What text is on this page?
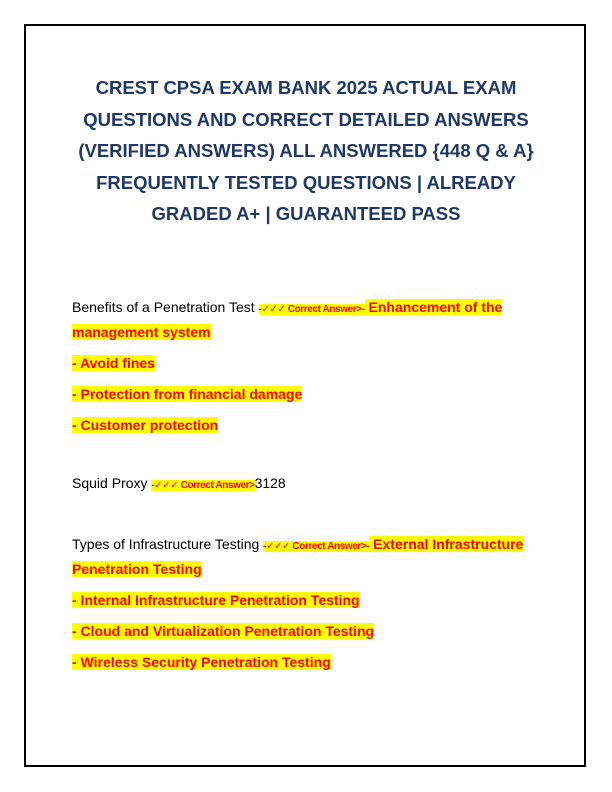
CREST CPSA EXAM BANK 2025 ACTUAL EXAM
QUESTIONS AND CORRECT DETAILED ANSWERS
(VERIFIED ANSWERS) ALL ANSWERED {448 Q & A}
FREQUENTLY TESTED QUESTIONS | ALREADY
GRADED A+ | GUARANTEED PASS

Benefits of a Penetration Test -✓✓✓ Correct Answer>- Enhancement of the

management system

- Avoid fines

- Protection from financial damage

- Customer protection

Squid Proxy -✓✓✓ Correct Answer>3128

Types of Infrastructure Testing -✓✓✓ Correct Answer>- External Infrastructure

Penetration Testing

- Internal Infrastructure Penetration Testing

- Cloud and Virtualization Penetration Testing

- Wireless Security Penetration Testing
